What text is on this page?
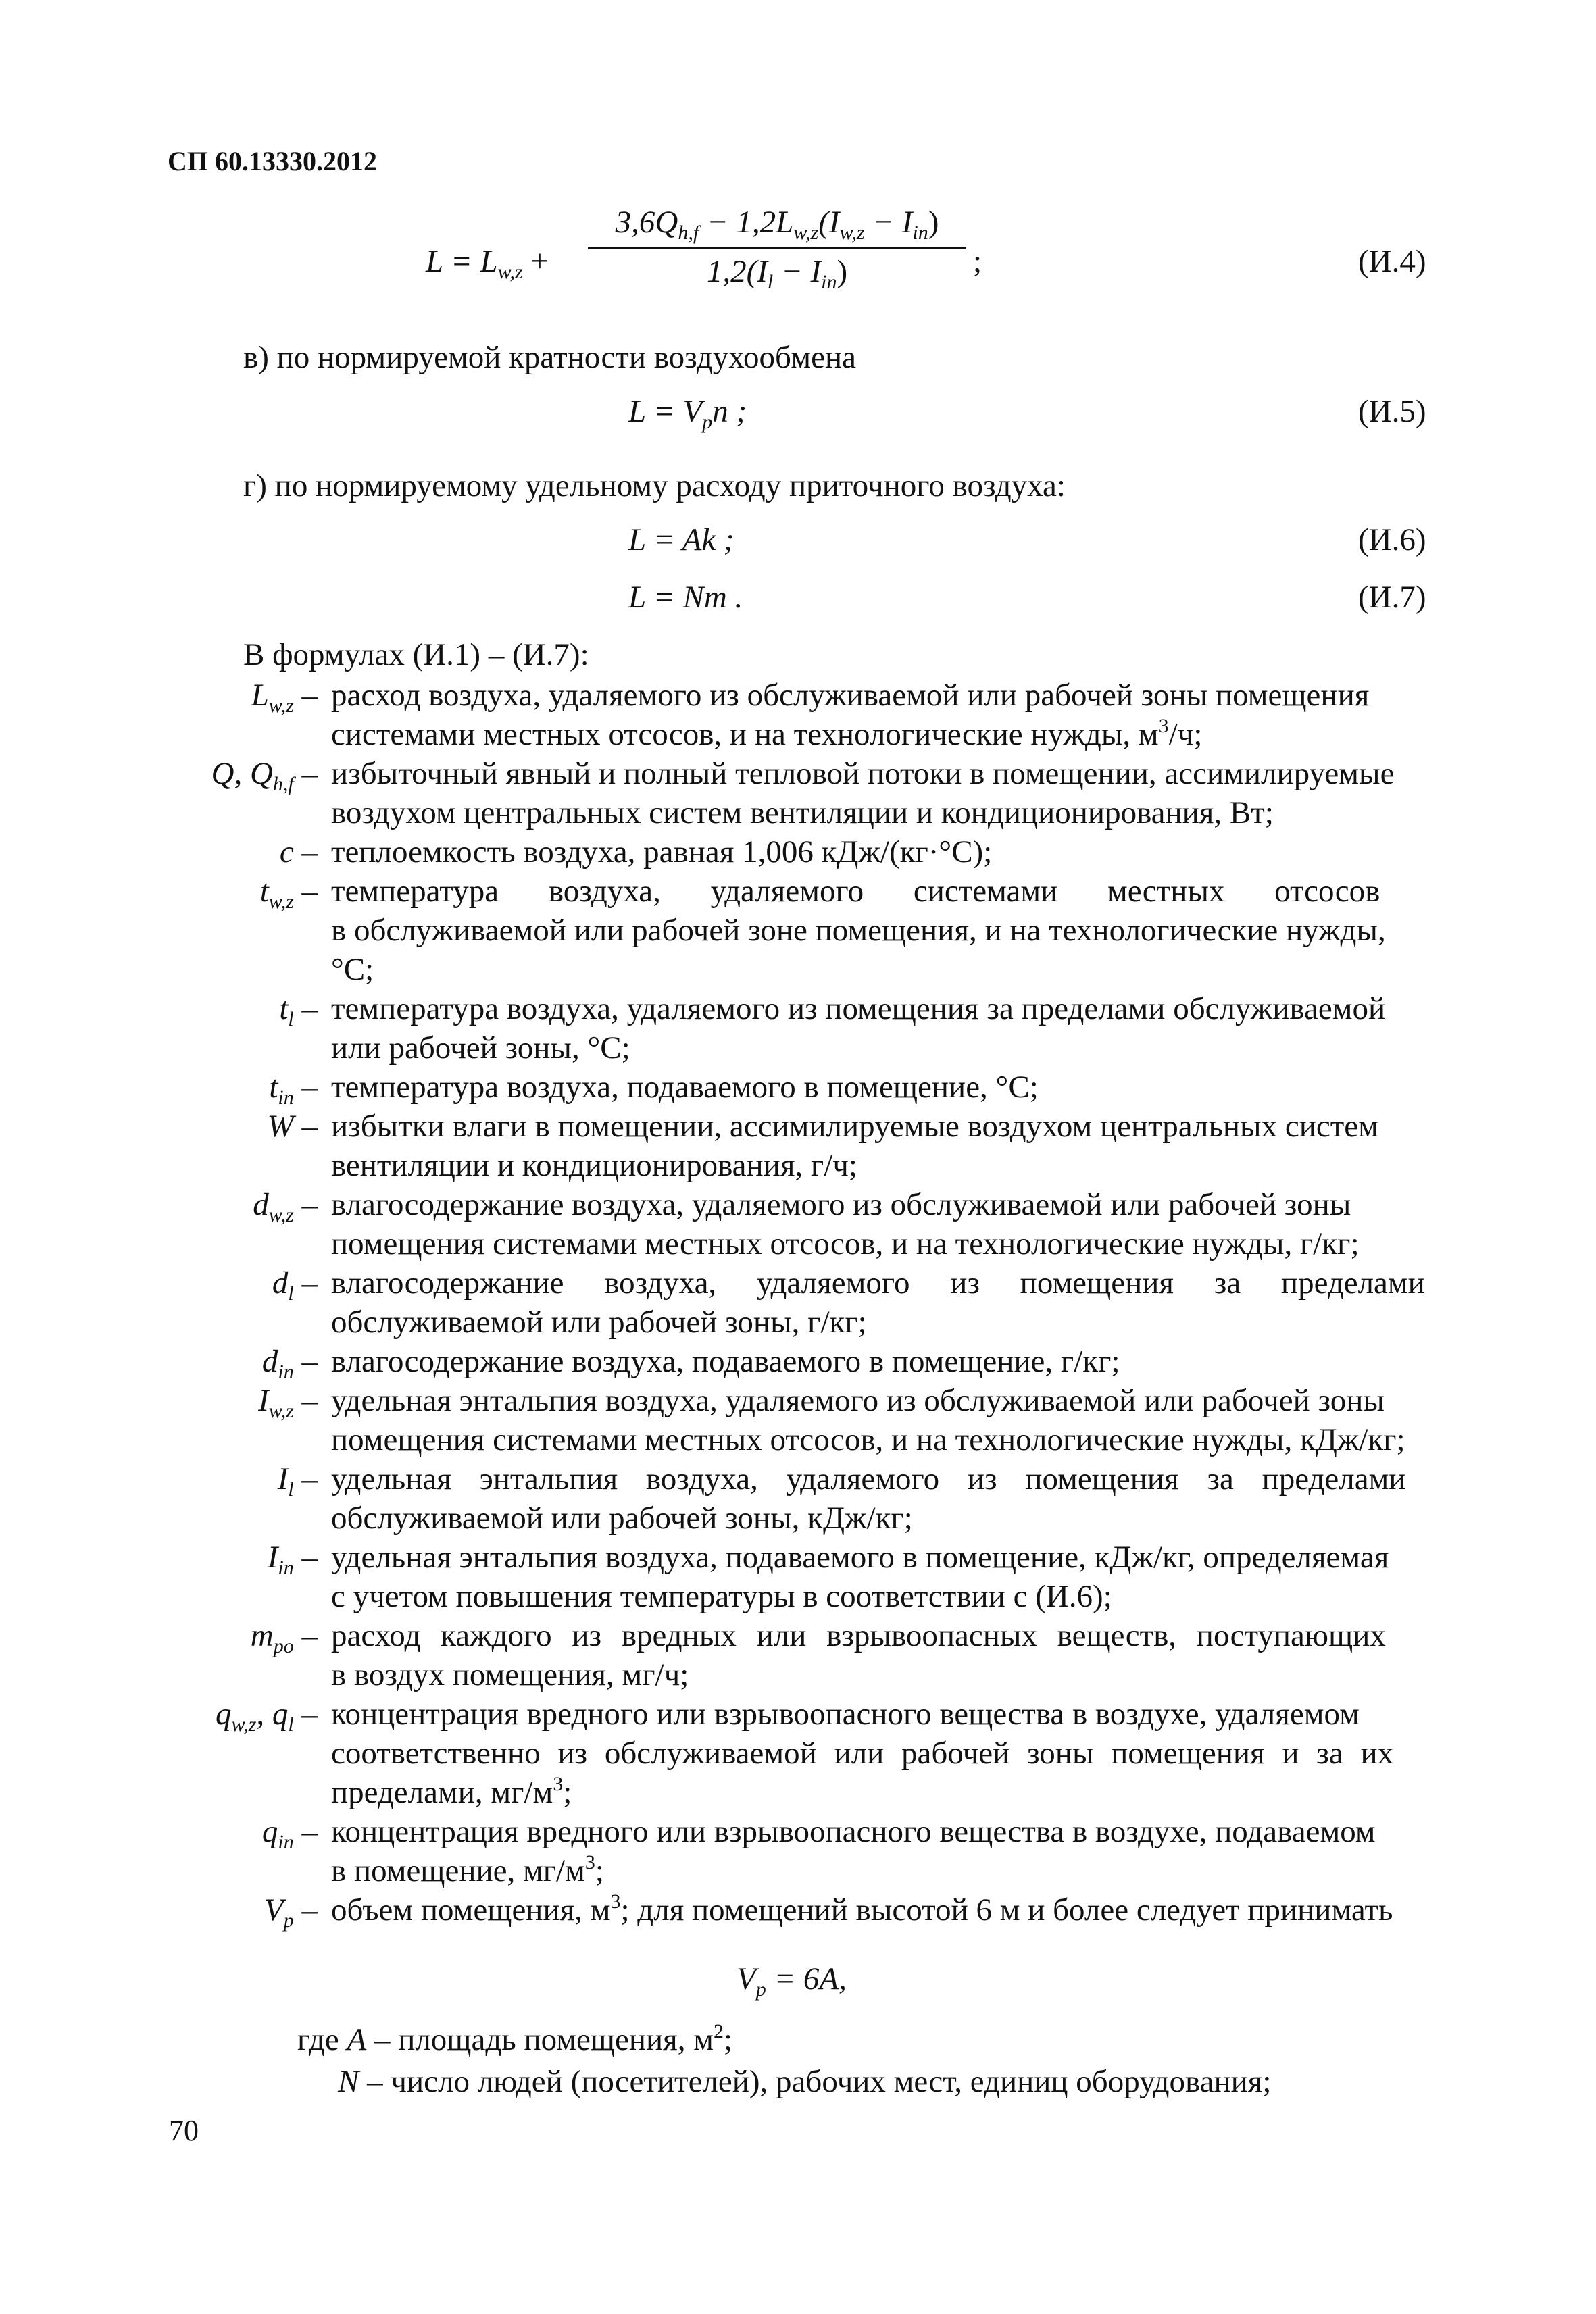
СП 60.13330.2012
$L = L_{w,z}$ +
$3,6Q_{h,f} - 1,2L_{w,z}(I_{w,z} - I_{in})$
$1,2(I_l - I_{in})$	;	(И.4)
в) по нормируемой кратности воздухообмена
$L = V_pn$ ;	(И.5)
г) по нормируемому удельному расходу приточного воздуха:
L = Ak ;	(И.6)
L = Nm .	(И.7)
В формулах (И.1) – (И.7):
$L_{w,z}$ – расход воздуха, удаляемого из обслуживаемой или рабочей зоны помещения
системами местных отсосов, и на технологические нужды, $м^3/ч$;
Q, $Q_{h,f}$ – избыточный явный и полный тепловой потоки в помещении, ассимилируемые
воздухом центральных систем вентиляции и кондиционирования, Вт;
c – теплоемкость воздуха, равная 1,006 кДж/(кг·°С);
$t_{w,z}$ – температура воздуха, удаляемого системами местных отсосов
в обслуживаемой или рабочей зоне помещения, и на технологические нужды,
°С;
$t_l$ – температура воздуха, удаляемого из помещения за пределами обслуживаемой
или рабочей зоны, °С;
$t_{in}$ – температура воздуха, подаваемого в помещение, °С;
W – избытки влаги в помещении, ассимилируемые воздухом центральных систем
вентиляции и кондиционирования, г/ч;
$d_{w,z}$ – влагосодержание воздуха, удаляемого из обслуживаемой или рабочей зоны
помещения системами местных отсосов, и на технологические нужды, г/кг;
$d_l$ – влагосодержание воздуха, удаляемого из помещения за пределами
обслуживаемой или рабочей зоны, г/кг;
$d_{in}$ – влагосодержание воздуха, подаваемого в помещение, г/кг;
$I_{w,z}$ – удельная энтальпия воздуха, удаляемого из обслуживаемой или рабочей зоны
помещения системами местных отсосов, и на технологические нужды, кДж/кг;
$I_l$ – удельная энтальпия воздуха, удаляемого из помещения за пределами
обслуживаемой или рабочей зоны, кДж/кг;
$I_{in}$ – удельная энтальпия воздуха, подаваемого в помещение, кДж/кг, определяемая
с учетом повышения температуры в соответствии с (И.6);
$m_{po}$ – расход каждого из вредных или взрывоопасных веществ, поступающих
в воздух помещения, мг/ч;
$q_{w,z}$, $q_l$ – концентрация вредного или взрывоопасного вещества в воздухе, удаляемом
соответственно из обслуживаемой или рабочей зоны помещения и за их
пределами, $мг/м^3$;
$q_{in}$ – концентрация вредного или взрывоопасного вещества в воздухе, подаваемом
в помещение, $мг/м^3$;
$V_p$ – объем помещения, $м^3$; для помещений высотой 6 м и более следует принимать
$V_p = 6A$,
где A – площадь помещения, $м^2$;
N – число людей (посетителей), рабочих мест, единиц оборудования;
70
